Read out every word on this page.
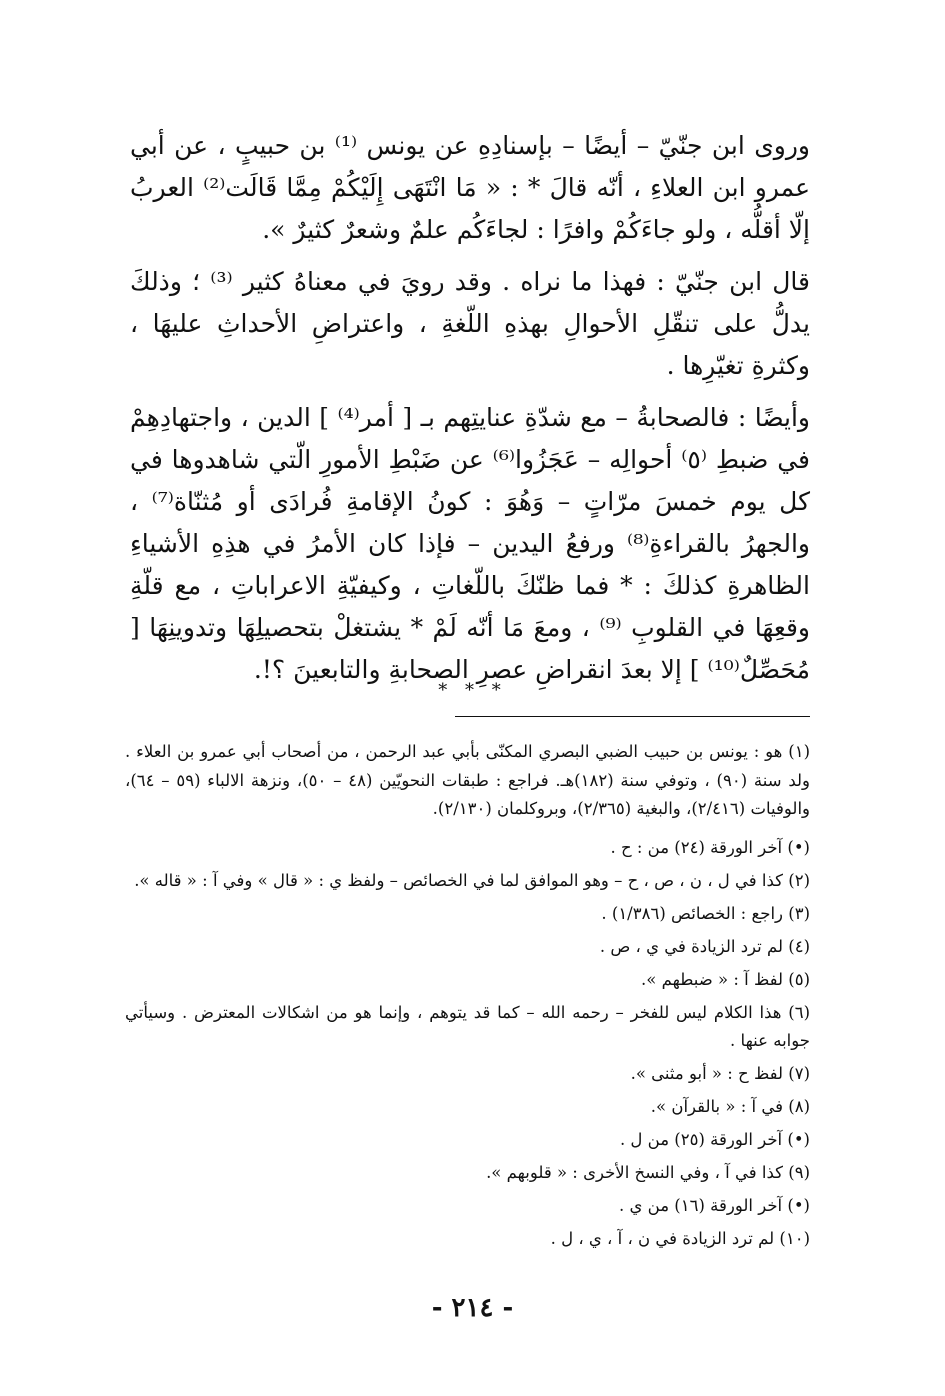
وروى ابن جنّيّ – أيضًا – بإسنادِهِ عن يونس ⁽¹⁾ بن حبيبٍ ، عن أبي عمرو ابن العلاءِ ، أنّه قالَ * : « مَا انْتَهَى إِلَيْكُمْ مِمَّا قَالَت⁽²⁾ العربُ إلّا أقلُّه ، ولو جاءَكُمْ وافرًا : لجاءَكُم علمٌ وشعرٌ كثيرٌ ».

قال ابن جنّيّ : فهذا ما نراه . وقد رويَ في معناهُ كثير ⁽³⁾ ؛ وذلكَ يدلُّ على تنقّلِ الأحوالِ بهذهِ اللّغةِ ، واعتراضِ الأحداثِ عليهَا ، وكثرةِ تغيّرِها .

وأيضًا : فالصحابةُ – مع شدّةِ عنايتِهم بـ [ أمر⁽⁴⁾ ] الدين ، واجتهادِهِمْ في ضبطِ ⁽٥⁾ أحوالِه – عَجَزُوا⁽⁶⁾ عن ضَبْطِ الأمورِ الّتي شاهدوها في كل يوم خمسَ مرّاتٍ – وَهُوَ : كونُ الإقامةِ فُرادَى أو مُثنّاة⁽⁷⁾ ، والجهرُ بالقراءةِ⁽⁸⁾ ورفعُ اليدين – فإذا كان الأمرُ في هذِهِ الأشياءِ الظاهرةِ كذلكَ : * فما ظنّكَ باللّغاتِ ، وكيفيّةِ الاعراباتِ ، مع قلّةِ وقعِهَا في القلوبِ ⁽⁹⁾ ، ومعَ مَا أنّه لَمْ * يشتغلْ بتحصيلِهَا وتدوينِهَا [ مُحَصِّلٌ⁽¹⁰⁾ ] إلا بعدَ انقراضِ عصرِ الصحابةِ والتابعينَ ؟!.

* * *

(١) هو : يونس بن حبيب الضبي البصري المكنّى بأبي عبد الرحمن ، من أصحاب أبي عمرو بن العلاء . ولد سنة (٩٠) ، وتوفي سنة (١٨٢)هـ. فراجع : طبقات النحويّين (٤٨ – ٥٠)، ونزهة الالباء (٥٩ – ٦٤)، والوفيات (٢/٤١٦)، والبغية (٢/٣٦٥)، وبروكلمان (٢/١٣٠).

(•) آخر الورقة (٢٤) من : ح .

(٢) كذا في ل ، ن ، ص ، ح – وهو الموافق لما في الخصائص – ولفظ ي : « قال » وفي آ : « قاله ».

(٣) راجع : الخصائص (١/٣٨٦) .

(٤) لم ترد الزيادة في ي ، ص .

(٥) لفظ آ : « ضبطهم ».

(٦) هذا الكلام ليس للفخر – رحمه الله – كما قد يتوهم ، وإنما هو من اشكالات المعترض . وسيأتي جوابه عنها .

(٧) لفظ ح : « أبو مثنى ».

(٨) في آ : « بالقرآن ».

(•) آخر الورقة (٢٥) من ل .

(٩) كذا في آ ، وفي النسخ الأخرى : « قلوبهم ».

(•) آخر الورقة (١٦) من ي .

(١٠) لم ترد الزيادة في ن ، آ ، ي ، ل .

- ٢١٤ -
